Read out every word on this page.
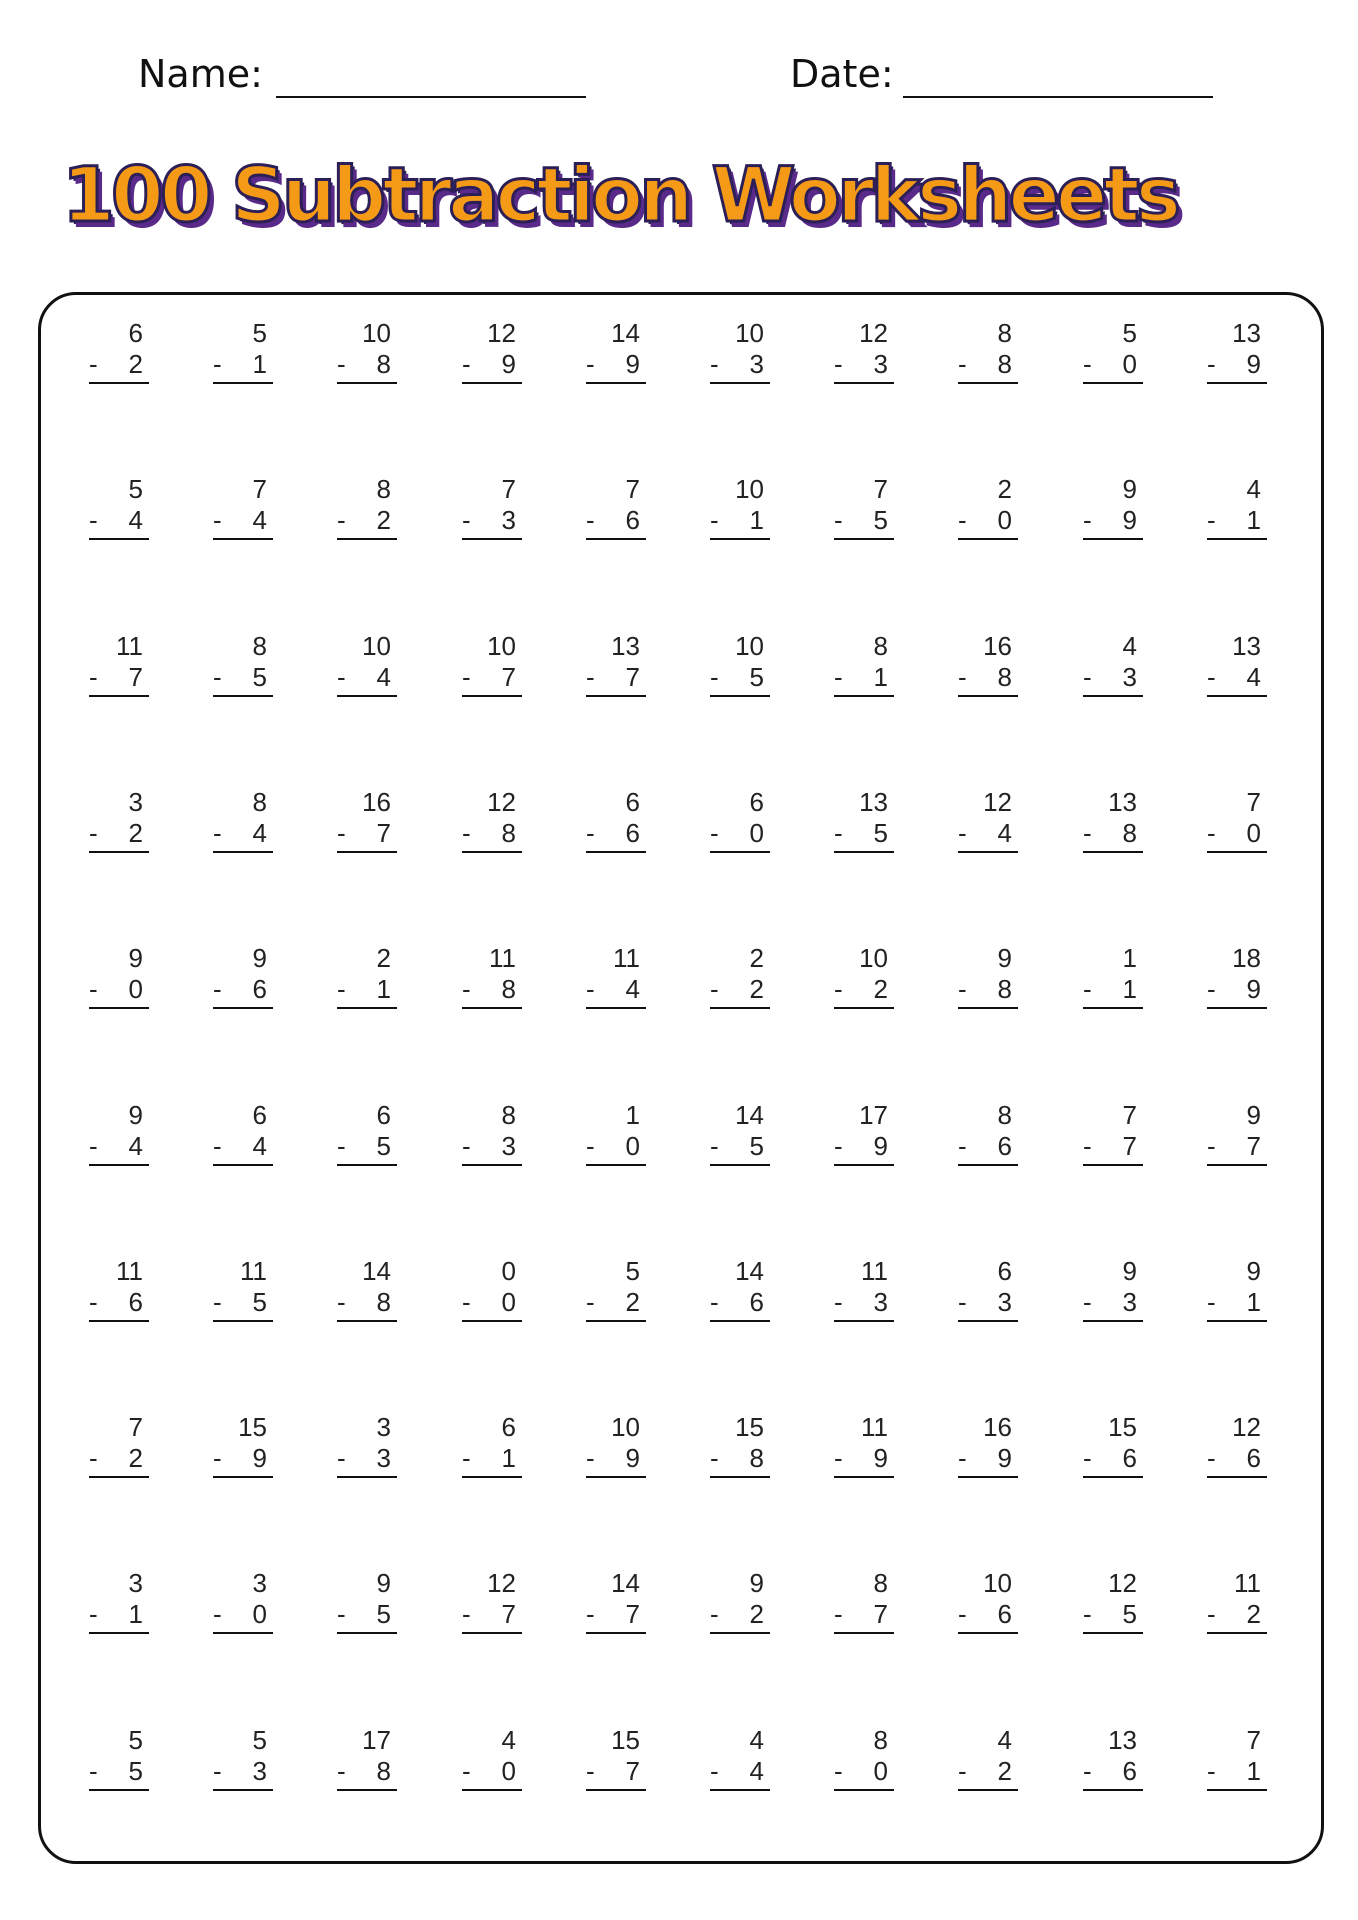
Name:	Date:
100 Subtraction Worksheets
6
- 2
5
- 1
10
- 8
12
- 9
14
- 9
10
- 3
12
- 3
8
- 8
5
- 0
13
- 9
5
- 4
7
- 4
8
- 2
7
- 3
7
- 6
10
- 1
7
- 5
2
- 0
9
- 9
4
- 1
11
- 7
8
- 5
10
- 4
10
- 7
13
- 7
10
- 5
8
- 1
16
- 8
4
- 3
13
- 4
3
- 2
8
- 4
16
- 7
12
- 8
6
- 6
6
- 0
13
- 5
12
- 4
13
- 8
7
- 0
9
- 0
9
- 6
2
- 1
11
- 8
11
- 4
2
- 2
10
- 2
9
- 8
1
- 1
18
- 9
9
- 4
6
- 4
6
- 5
8
- 3
1
- 0
14
- 5
17
- 9
8
- 6
7
- 7
9
- 7
11
- 6
11
- 5
14
- 8
0
- 0
5
- 2
14
- 6
11
- 3
6
- 3
9
- 3
9
- 1
7
- 2
15
- 9
3
- 3
6
- 1
10
- 9
15
- 8
11
- 9
16
- 9
15
- 6
12
- 6
3
- 1
3
- 0
9
- 5
12
- 7
14
- 7
9
- 2
8
- 7
10
- 6
12
- 5
11
- 2
5
- 5
5
- 3
17
- 8
4
- 0
15
- 7
4
- 4
8
- 0
4
- 2
13
- 6
7
- 1
